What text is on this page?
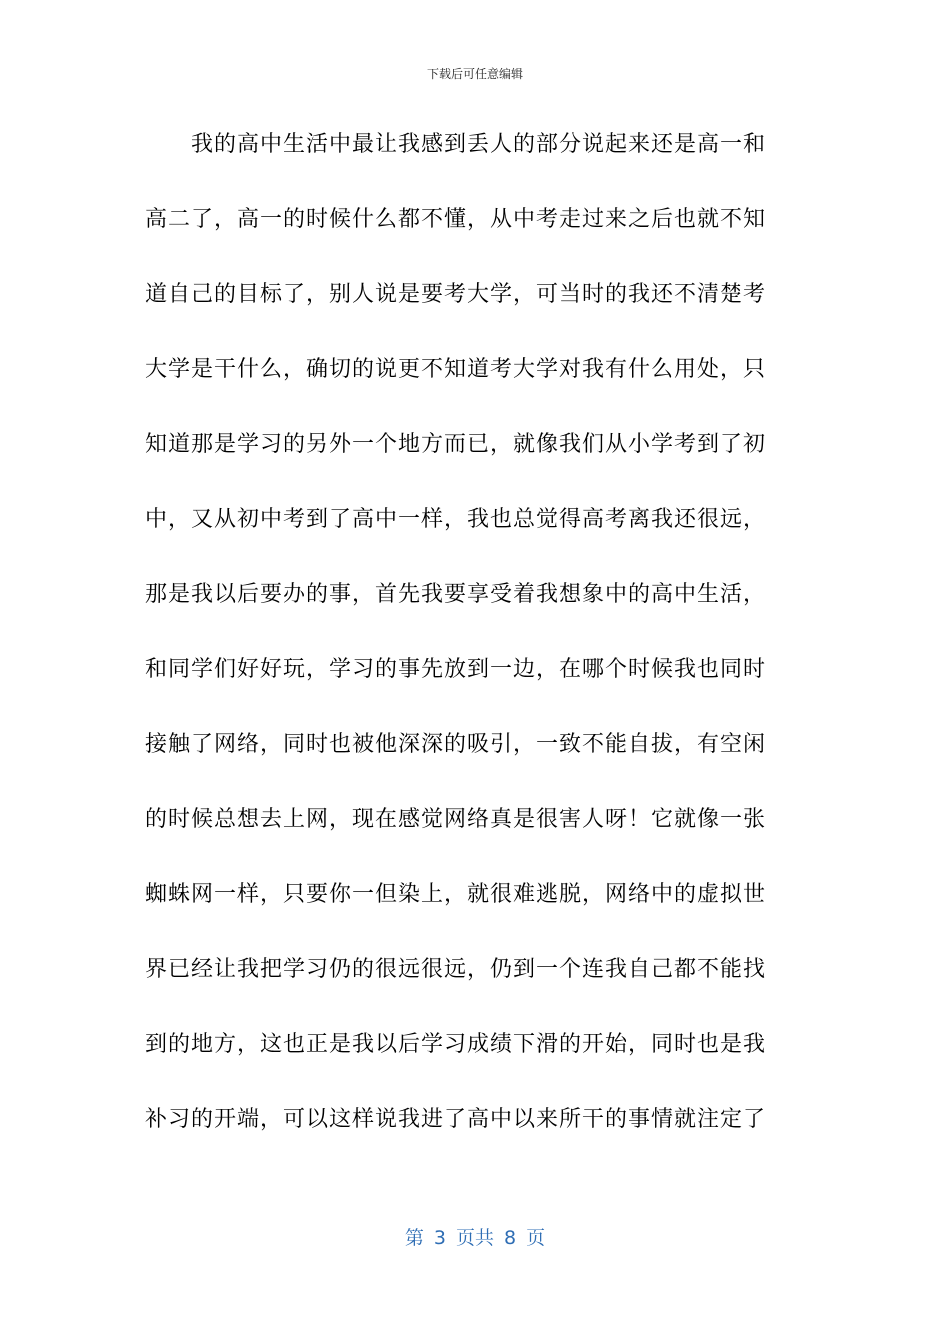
下载后可任意编辑
我的高中生活中最让我感到丢人的部分说起来还是高一和
高二了，高一的时候什么都不懂，从中考走过来之后也就不知
道自己的目标了，别人说是要考大学，可当时的我还不清楚考
大学是干什么，确切的说更不知道考大学对我有什么用处，只
知道那是学习的另外一个地方而已，就像我们从小学考到了初
中，又从初中考到了高中一样，我也总觉得高考离我还很远，
那是我以后要办的事，首先我要享受着我想象中的高中生活，
和同学们好好玩，学习的事先放到一边，在哪个时候我也同时
接触了网络，同时也被他深深的吸引，一致不能自拔，有空闲
的时候总想去上网，现在感觉网络真是很害人呀！它就像一张
蜘蛛网一样，只要你一但染上，就很难逃脱，网络中的虚拟世
界已经让我把学习仍的很远很远，仍到一个连我自己都不能找
到的地方，这也正是我以后学习成绩下滑的开始，同时也是我
补习的开端，可以这样说我进了高中以来所干的事情就注定了
第 3 页共 8 页
